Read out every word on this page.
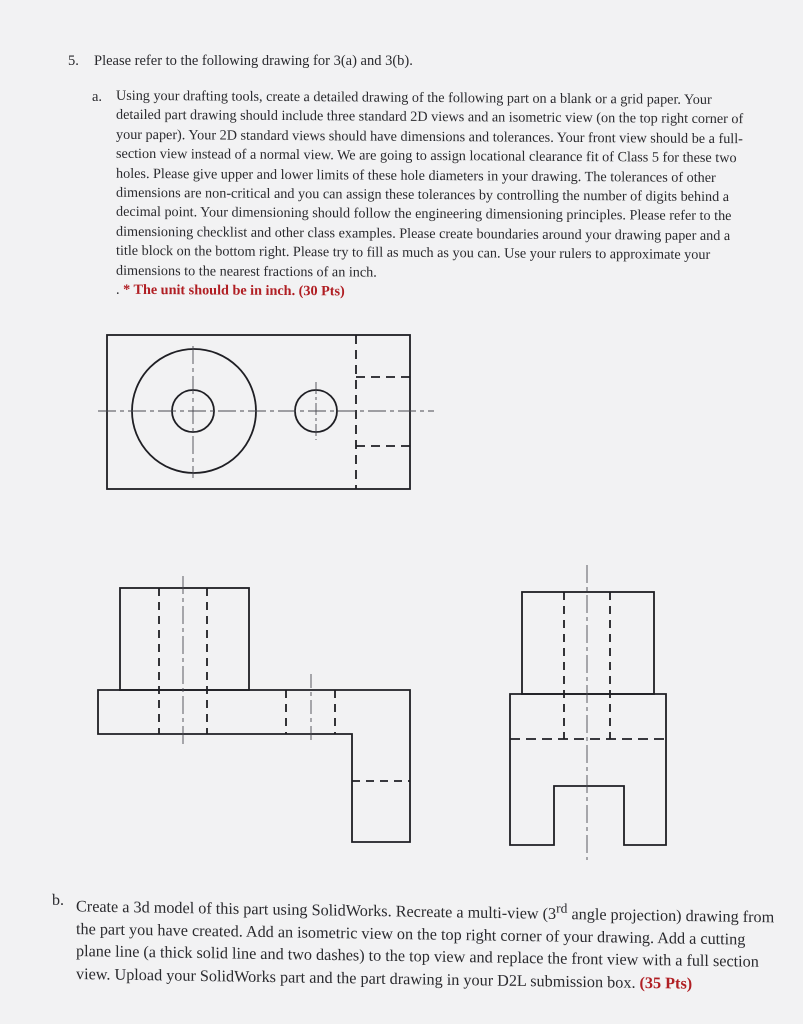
5. Please refer to the following drawing for 3(a) and 3(b).
a. Using your drafting tools, create a detailed drawing of the following part on a blank or a grid paper. Your detailed part drawing should include three standard 2D views and an isometric view (on the top right corner of your paper). Your 2D standard views should have dimensions and tolerances. Your front view should be a full-section view instead of a normal view. We are going to assign locational clearance fit of Class 5 for these two holes. Please give upper and lower limits of these hole diameters in your drawing. The tolerances of other dimensions are non-critical and you can assign these tolerances by controlling the number of digits behind a decimal point. Your dimensioning should follow the engineering dimensioning principles. Please refer to the dimensioning checklist and other class examples. Please create boundaries around your drawing paper and a title block on the bottom right. Please try to fill as much as you can. Use your rulers to approximate your dimensions to the nearest fractions of an inch.
. * The unit should be in inch. (30 Pts)

b. Create a 3d model of this part using SolidWorks. Recreate a multi-view (3rd angle projection) drawing from the part you have created. Add an isometric view on the top right corner of your drawing. Add a cutting plane line (a thick solid line and two dashes) to the top view and replace the front view with a full section view. Upload your SolidWorks part and the part drawing in your D2L submission box. (35 Pts)
